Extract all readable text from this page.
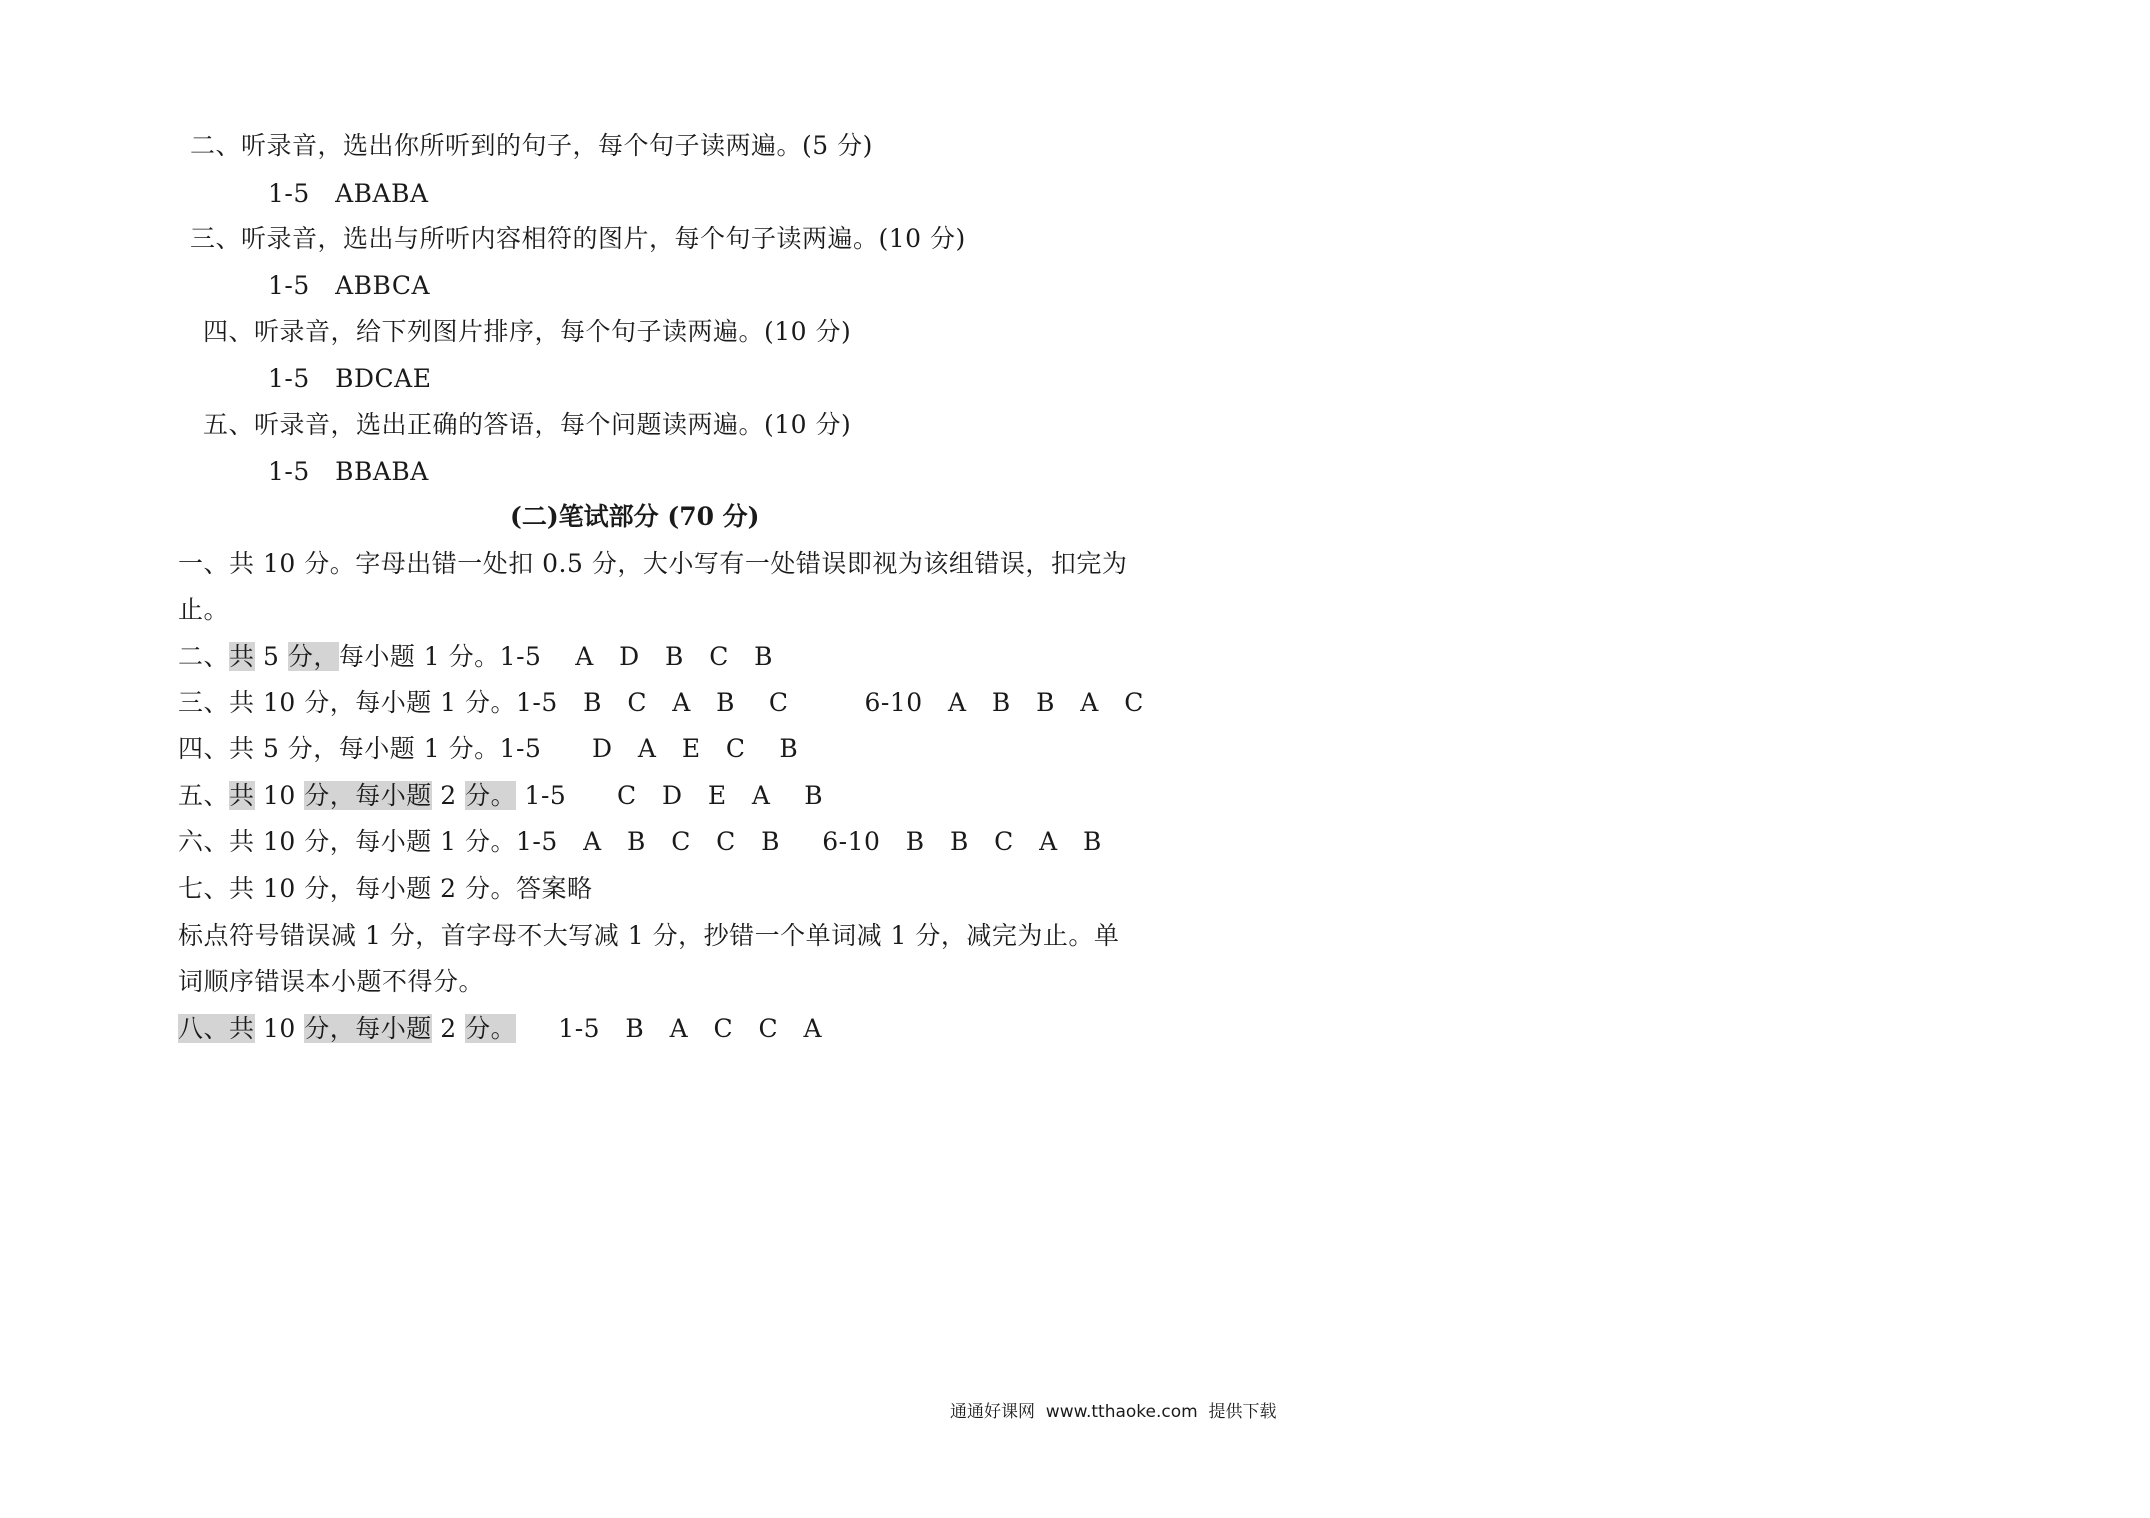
二、听录音，选出你所听到的句子，每个句子读两遍。(5 分)
1-5   ABABA
三、听录音，选出与所听内容相符的图片，每个句子读两遍。(10 分)
1-5   ABBCA
四、听录音，给下列图片排序，每个句子读两遍。(10 分)
1-5   BDCAE
五、听录音，选出正确的答语，每个问题读两遍。(10 分)
1-5   BBABA
(二)笔试部分 (70 分)
一、共 10 分。字母出错一处扣 0.5 分，大小写有一处错误即视为该组错误，扣完为
止。
二、共 5 分，每小题 1 分。1-5    A   D   B   C   B
三、共 10 分，每小题 1 分。1-5   B   C   A   B    C         6-10   A   B   B   A   C
四、共 5 分，每小题 1 分。1-5      D   A   E   C    B
五、共 10 分，每小题 2 分。 1-5      C   D   E   A    B
六、共 10 分，每小题 1 分。1-5   A   B   C   C   B     6-10   B   B   C   A   B
七、共 10 分，每小题 2 分。答案略
标点符号错误减 1 分，首字母不大写减 1 分，抄错一个单词减 1 分，减完为止。单
词顺序错误本小题不得分。
八、共 10 分，每小题 2 分。     1-5   B   A   C   C   A
通通好课网  www.tthaoke.com  提供下载
